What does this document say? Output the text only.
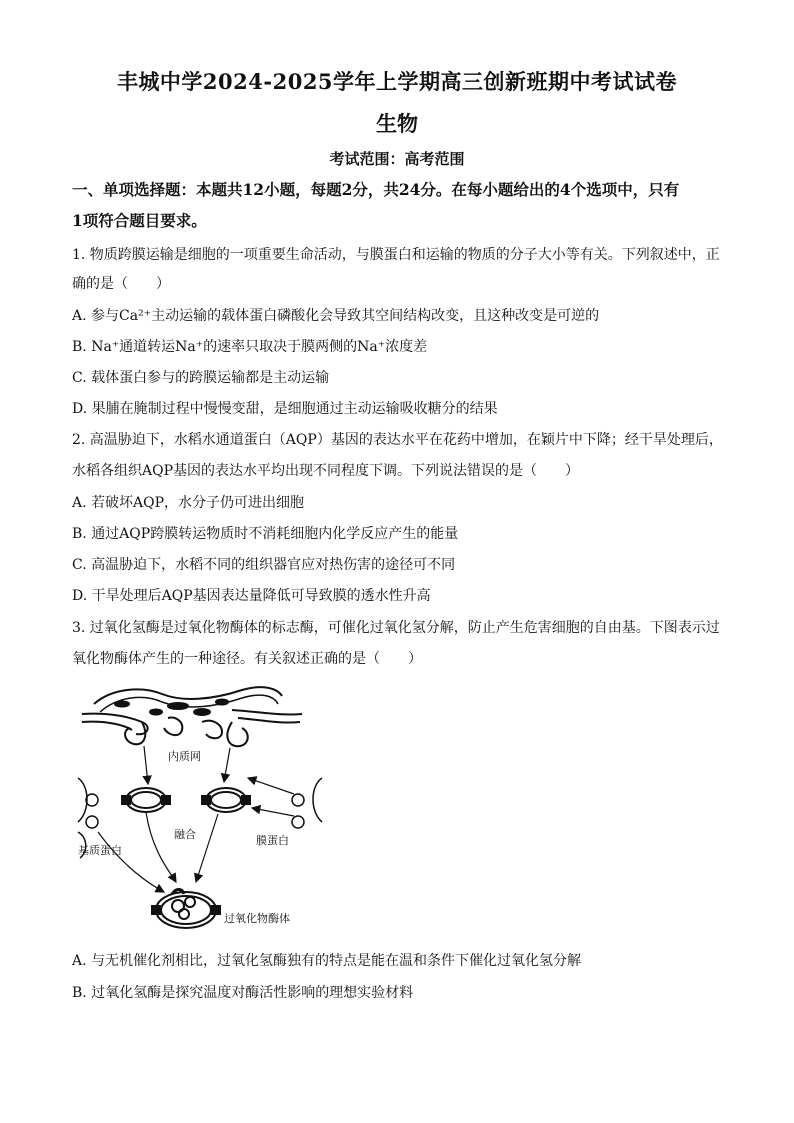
丰城中学2024-2025学年上学期高三创新班期中考试试卷
生物
考试范围：高考范围
一、单项选择题：本题共12小题，每题2分，共24分。在每小题给出的4个选项中，只有
1项符合题目要求。
1. 物质跨膜运输是细胞的一项重要生命活动，与膜蛋白和运输的物质的分子大小等有关。下列叙述中，正
确的是（　　）
A. 参与Ca²⁺主动运输的载体蛋白磷酸化会导致其空间结构改变，且这种改变是可逆的
B. Na⁺通道转运Na⁺的速率只取决于膜两侧的Na⁺浓度差
C. 载体蛋白参与的跨膜运输都是主动运输
D. 果脯在腌制过程中慢慢变甜，是细胞通过主动运输吸收糖分的结果
2. 高温胁迫下，水稻水通道蛋白（AQP）基因的表达水平在花药中增加，在颖片中下降；经干旱处理后，
水稻各组织AQP基因的表达水平均出现不同程度下调。下列说法错误的是（　　）
A. 若破坏AQP，水分子仍可进出细胞
B. 通过AQP跨膜转运物质时不消耗细胞内化学反应产生的能量
C. 高温胁迫下，水稻不同的组织器官应对热伤害的途径可不同
D. 干旱处理后AQP基因表达量降低可导致膜的透水性升高
3. 过氧化氢酶是过氧化物酶体的标志酶，可催化过氧化氢分解，防止产生危害细胞的自由基。下图表示过
氧化物酶体产生的一种途径。有关叙述正确的是（　　）
内质网
融合
基质蛋白
膜蛋白
过氧化物酶体
A. 与无机催化剂相比，过氧化氢酶独有的特点是能在温和条件下催化过氧化氢分解
B. 过氧化氢酶是探究温度对酶活性影响的理想实验材料
